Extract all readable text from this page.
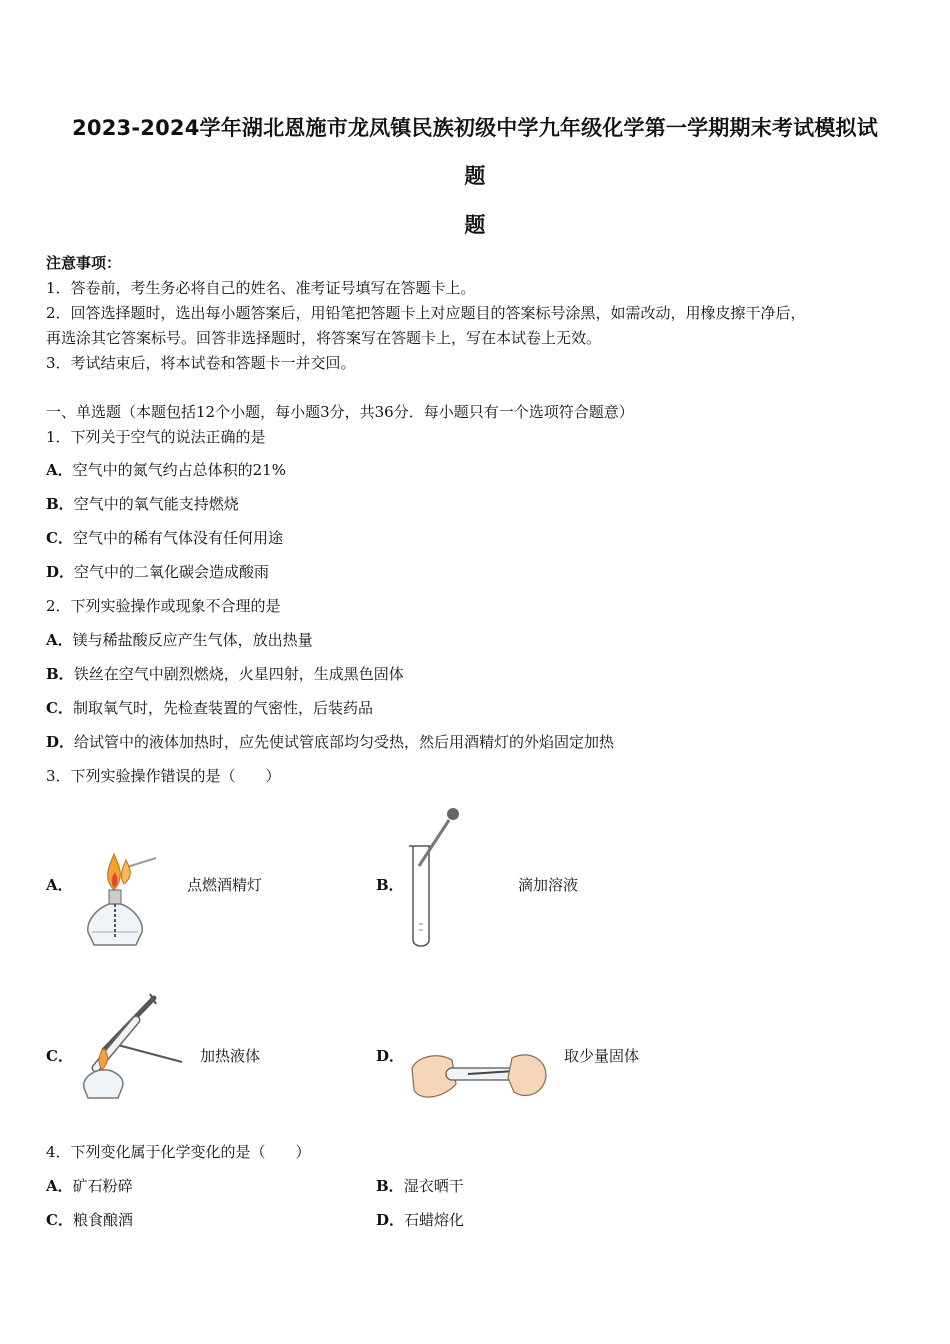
2023-2024学年湖北恩施市龙凤镇民族初级中学九年级化学第一学期期末考试模拟试
题
题
注意事项：
1．答卷前，考生务必将自己的姓名、准考证号填写在答题卡上。
2．回答选择题时，选出每小题答案后，用铅笔把答题卡上对应题目的答案标号涂黑，如需改动，用橡皮擦干净后，
再选涂其它答案标号。回答非选择题时，将答案写在答题卡上，写在本试卷上无效。
3．考试结束后，将本试卷和答题卡一并交回。
一、单选题（本题包括12个小题，每小题3分，共36分．每小题只有一个选项符合题意）
1．下列关于空气的说法正确的是
A．空气中的氮气约占总体积的21%
B．空气中的氧气能支持燃烧
C．空气中的稀有气体没有任何用途
D．空气中的二氧化碳会造成酸雨
2．下列实验操作或现象不合理的是
A．镁与稀盐酸反应产生气体，放出热量
B．铁丝在空气中剧烈燃烧，火星四射，生成黑色固体
C．制取氧气时，先检查装置的气密性，后装药品
D．给试管中的液体加热时，应先使试管底部均匀受热，然后用酒精灯的外焰固定加热
3．下列实验操作错误的是（　　）
A．	点燃酒精灯	B．	滴加溶液
C．	加热液体	D．	取少量固体
4．下列变化属于化学变化的是（　　）
A．矿石粉碎	B．湿衣晒干
C．粮食酿酒	D．石蜡熔化
